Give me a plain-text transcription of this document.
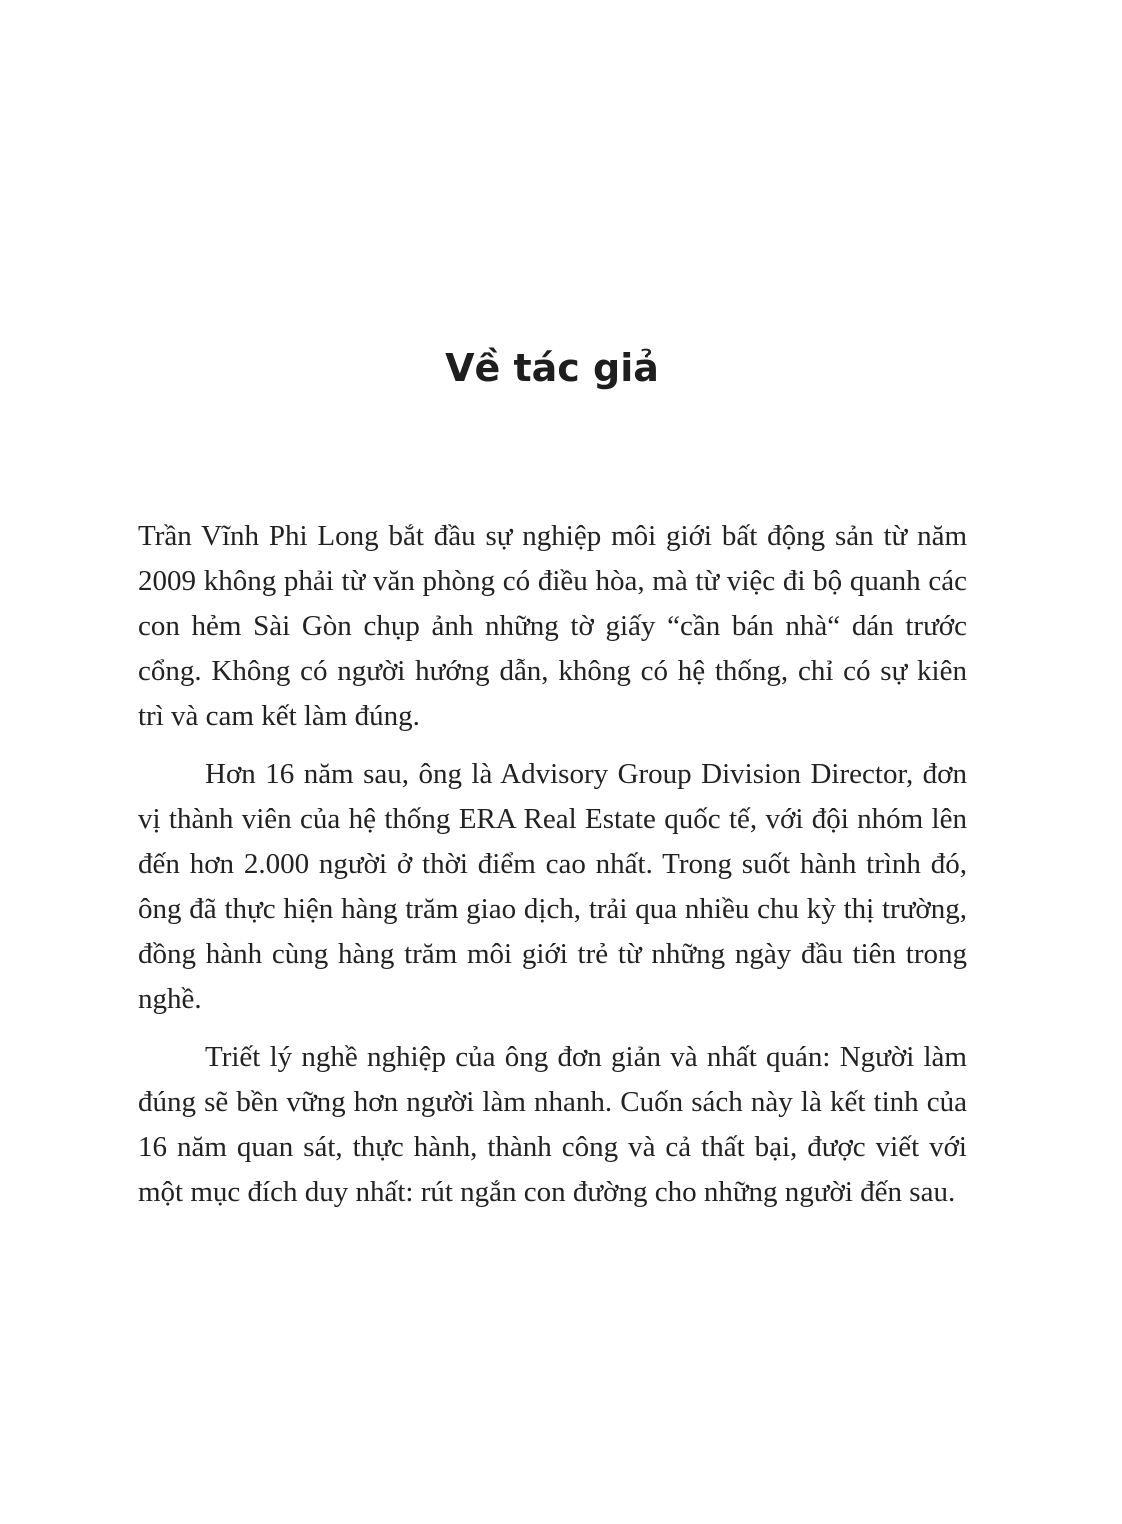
Về tác giả

Trần Vĩnh Phi Long bắt đầu sự nghiệp môi giới bất động sản từ năm 2009 không phải từ văn phòng có điều hòa, mà từ việc đi bộ quanh các con hẻm Sài Gòn chụp ảnh những tờ giấy “cần bán nhà“ dán trước cổng. Không có người hướng dẫn, không có hệ thống, chỉ có sự kiên trì và cam kết làm đúng.

Hơn 16 năm sau, ông là Advisory Group Division Director, đơn vị thành viên của hệ thống ERA Real Estate quốc tế, với đội nhóm lên đến hơn 2.000 người ở thời điểm cao nhất. Trong suốt hành trình đó, ông đã thực hiện hàng trăm giao dịch, trải qua nhiều chu kỳ thị trường, đồng hành cùng hàng trăm môi giới trẻ từ những ngày đầu tiên trong nghề.

Triết lý nghề nghiệp của ông đơn giản và nhất quán: Người làm đúng sẽ bền vững hơn người làm nhanh. Cuốn sách này là kết tinh của 16 năm quan sát, thực hành, thành công và cả thất bại, được viết với một mục đích duy nhất: rút ngắn con đường cho những người đến sau.
